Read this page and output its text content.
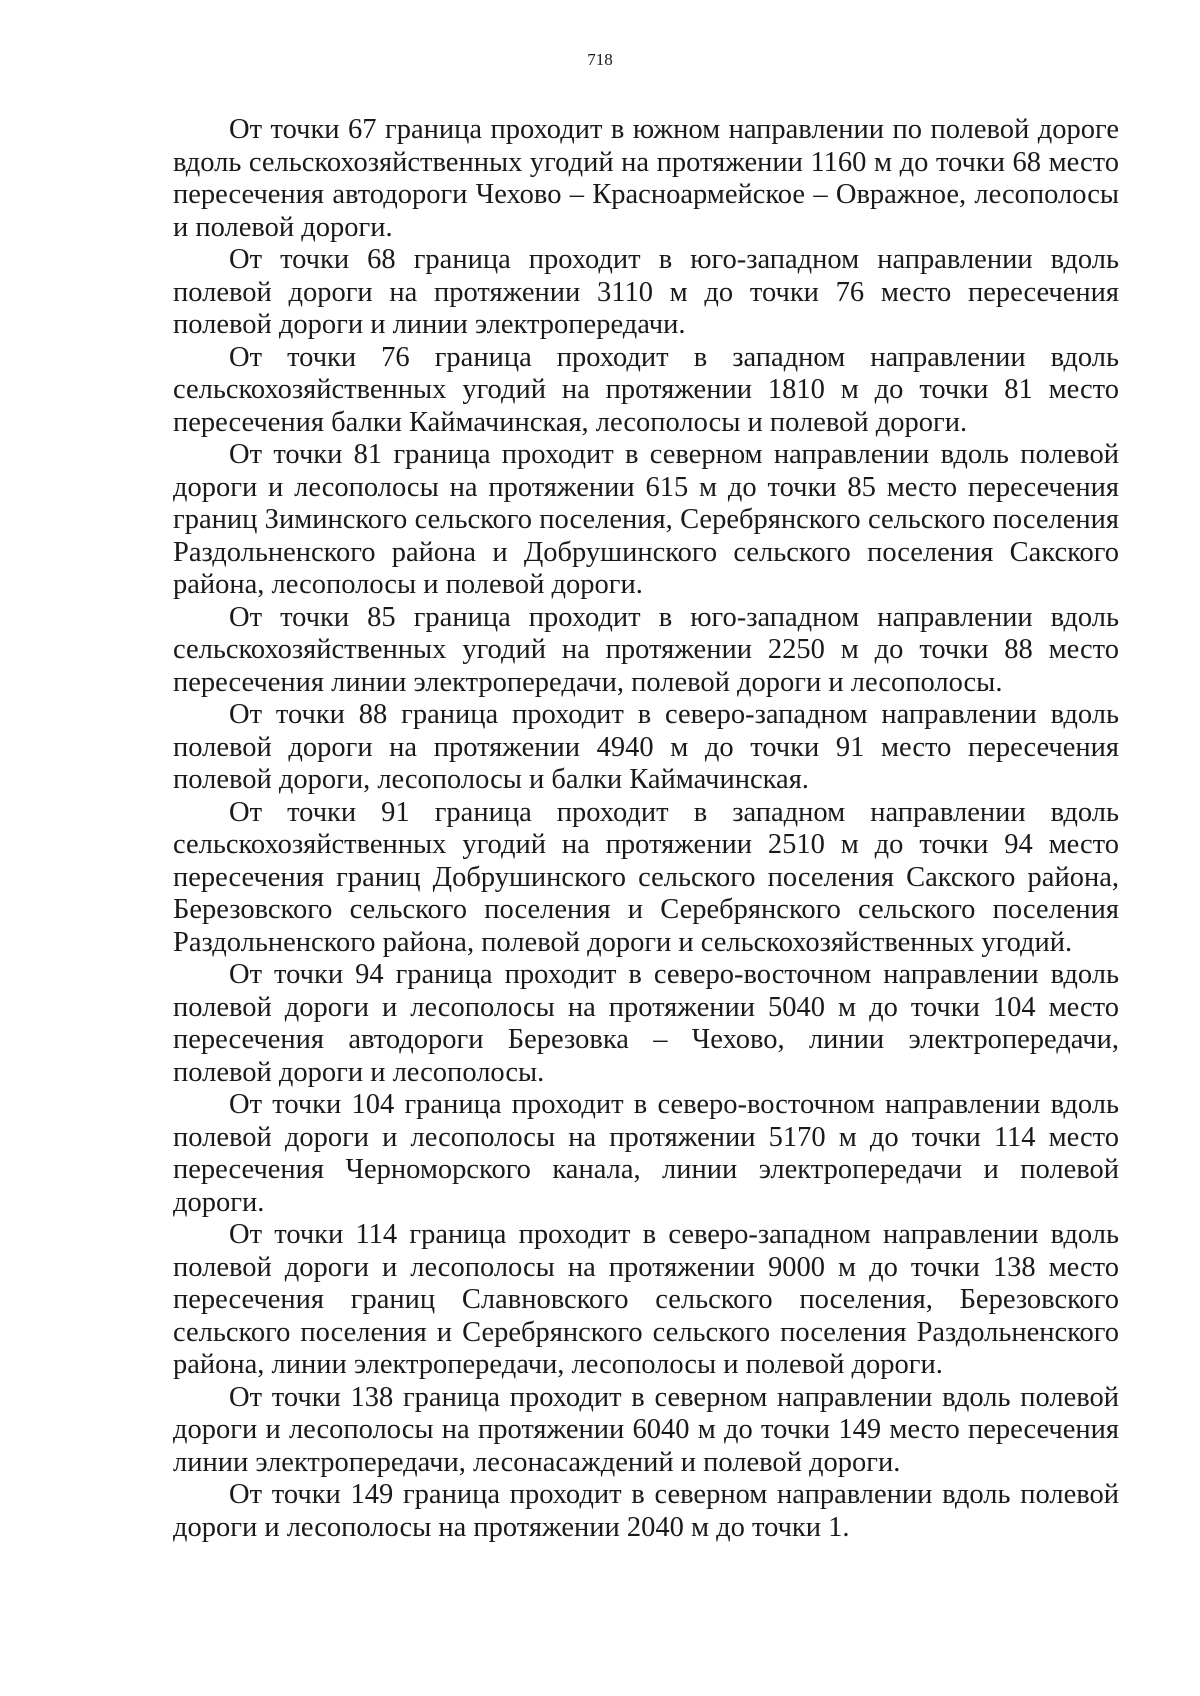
718

От точки 67 граница проходит в южном направлении по полевой дороге вдоль сельскохозяйственных угодий на протяжении 1160 м до точки 68 место пересечения автодороги Чехово – Красноармейское – Овражное, лесополосы и полевой дороги.

От точки 68 граница проходит в юго-западном направлении вдоль полевой дороги на протяжении 3110 м до точки 76 место пересечения полевой дороги и линии электропередачи.

От точки 76 граница проходит в западном направлении вдоль сельскохозяйственных угодий на протяжении 1810 м до точки 81 место пересечения балки Каймачинская, лесополосы и полевой дороги.

От точки 81 граница проходит в северном направлении вдоль полевой дороги и лесополосы на протяжении 615 м до точки 85 место пересечения границ Зиминского сельского поселения, Серебрянского сельского поселения Раздольненского района и Добрушинского сельского поселения Сакского района, лесополосы и полевой дороги.

От точки 85 граница проходит в юго-западном направлении вдоль сельскохозяйственных угодий на протяжении 2250 м до точки 88 место пересечения линии электропередачи, полевой дороги и лесополосы.

От точки 88 граница проходит в северо-западном направлении вдоль полевой дороги на протяжении 4940 м до точки 91 место пересечения полевой дороги, лесополосы и балки Каймачинская.

От точки 91 граница проходит в западном направлении вдоль сельскохозяйственных угодий на протяжении 2510 м до точки 94 место пересечения границ Добрушинского сельского поселения Сакского района, Березовского сельского поселения и Серебрянского сельского поселения Раздольненского района, полевой дороги и сельскохозяйственных угодий.

От точки 94 граница проходит в северо-восточном направлении вдоль полевой дороги и лесополосы на протяжении 5040 м до точки 104 место пересечения автодороги Березовка – Чехово, линии электропередачи, полевой дороги и лесополосы.

От точки 104 граница проходит в северо-восточном направлении вдоль полевой дороги и лесополосы на протяжении 5170 м до точки 114 место пересечения Черноморского канала, линии электропередачи и полевой дороги.

От точки 114 граница проходит в северо-западном направлении вдоль полевой дороги и лесополосы на протяжении 9000 м до точки 138 место пересечения границ Славновского сельского поселения, Березовского сельского поселения и Серебрянского сельского поселения Раздольненского района, линии электропередачи, лесополосы и полевой дороги.

От точки 138 граница проходит в северном направлении вдоль полевой дороги и лесополосы на протяжении 6040 м до точки 149 место пересечения линии электропередачи, лесонасаждений и полевой дороги.

От точки 149 граница проходит в северном направлении вдоль полевой дороги и лесополосы на протяжении 2040 м до точки 1.
